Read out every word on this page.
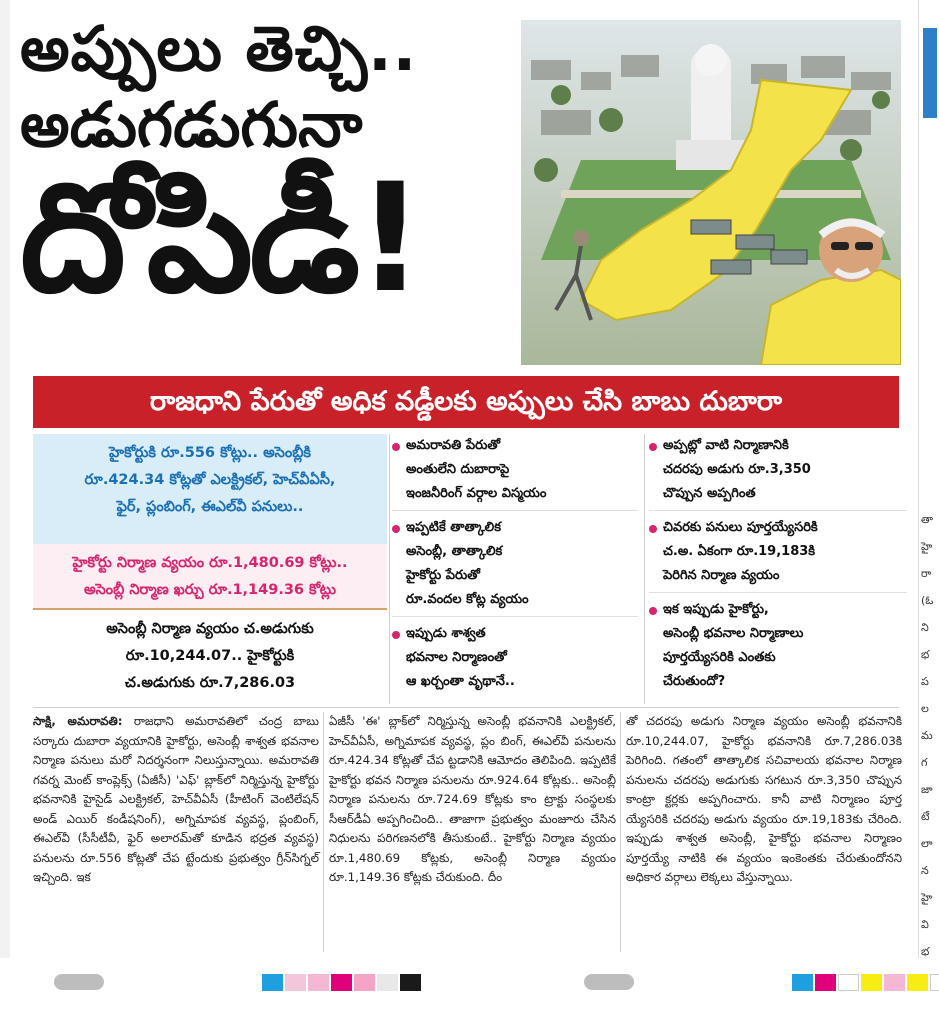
అప్పులు తెచ్చి..
అడుగడుగునా
దోపిడీ!
తా
హై
రా
(ఓ
ని
భ
ప
ల
మ
గ
జా
టే
లా
న
హై
వి
భ
రాజధాని పేరుతో అధిక వడ్డీలకు అప్పులు చేసి బాబు దుబారా
హైకోర్టుకి రూ.556 కోట్లు.. అసెంబ్లీకి
రూ.424.34 కోట్లతో ఎలక్ట్రికల్, హెచ్‌వీఏసీ,
ఫైర్, ప్లంబింగ్, ఈఎల్‌వీ పనులు..
హైకోర్టు నిర్మాణ వ్యయం రూ.1,480.69 కోట్లు..
అసెంబ్లీ నిర్మాణ ఖర్చు రూ.1,149.36 కోట్లు
అసెంబ్లీ నిర్మాణ వ్యయం చ.అడుగుకు
రూ.10,244.07.. హైకోర్టుకి
చ.అడుగుకు రూ.7,286.03
అమరావతి పేరుతో
అంతులేని దుబారాపై
ఇంజనీరింగ్ వర్గాల విస్మయం
ఇప్పటికే తాత్కాలిక
అసెంబ్లీ, తాత్కాలిక
హైకోర్టు పేరుతో
రూ.వందల కోట్ల వ్యయం
ఇప్పుడు శాశ్వత
భవనాల నిర్మాణంతో
ఆ ఖర్చంతా వృథానే..
అప్పట్లో వాటి నిర్మాణానికి
చదరపు అడుగు రూ.3,350
చొప్పున అప్పగింత
చివరకు పనులు పూర్తయ్యేసరికి
చ.అ. ఏకంగా రూ.19,183కి
పెరిగిన నిర్మాణ వ్యయం
ఇక ఇప్పుడు హైకోర్టు,
అసెంబ్లీ భవనాల నిర్మాణాలు
పూర్తయ్యేసరికి ఎంతకు
చేరుతుందో?

సాక్షి, అమరావతి: రాజధాని అమరావతిలో చంద్ర బాబు సర్కారు దుబారా వ్యయానికి హైకోర్టు, అసెంబ్లీ శాశ్వత భవనాల నిర్మాణ పనులు మరో నిదర్శనంగా నిలుస్తున్నాయి. అమరావతి గవర్న మెంట్ కాంప్లెక్స్ (ఏజీసీ) 'ఎఫ్' బ్లాక్‌లో నిర్మిస్తున్న హైకోర్టు భవనానికి హైసైడ్ ఎలక్ట్రికల్, హెచ్‌వీఏసీ (హీటింగ్ వెంటిలేషన్ అండ్ ఎయిర్ కండీషనింగ్), అగ్నిమాపక వ్యవస్థ, ప్లంబింగ్, ఈఎల్‌వీ (సీసీటీవీ, ఫైర్ అలారమ్‌తో కూడిన భద్రత వ్యవస్థ) పనులను రూ.556 కోట్లతో చేప ట్టేందుకు ప్రభుత్వం గ్రీన్‌సిగ్నల్ ఇచ్చింది. ఇక

ఏజీసీ 'ఈ' బ్లాక్‌లో నిర్మిస్తున్న అసెంబ్లీ భవనానికి ఎలక్ట్రికల్, హెచ్‌వీఏసీ, అగ్నిమాపక వ్యవస్థ, ప్లం బింగ్, ఈఎల్‌వీ పనులను రూ.424.34 కోట్లతో చేప ట్టడానికి ఆమోదం తెలిపింది. ఇప్పటికే హైకోర్టు భవన నిర్మాణ పనులను రూ.924.64 కోట్లకు.. అసెంబ్లీ నిర్మాణ పనులను రూ.724.69 కోట్లకు కాం ట్రాక్టు సంస్థలకు సీఆర్‌డీఏ అప్పగించింది.. తాజాగా ప్రభుత్వం మంజూరు చేసిన నిధులను పరిగణనలోకి తీసుకుంటే.. హైకోర్టు నిర్మాణ వ్యయం రూ.1,480.69 కోట్లకు, అసెంబ్లీ నిర్మాణ వ్యయం రూ.1,149.36 కోట్లకు చేరుకుంది. దీం

తో చదరపు అడుగు నిర్మాణ వ్యయం అసెంబ్లీ భవనానికి రూ.10,244.07, హైకోర్టు భవనానికి రూ.7,286.03కి పెరిగింది. గతంలో తాత్కాలిక సచివాలయ భవనాల నిర్మాణ పనులను చదరపు అడుగుకు సగటున రూ.3,350 చొప్పున కాంట్రా క్టర్లకు అప్పగించారు. కానీ వాటి నిర్మాణం పూర్త య్యేసరికి చదరపు అడుగు వ్యయం రూ.19,183కు చేరింది. ఇప్పుడు శాశ్వత అసెంబ్లీ, హైకోర్టు భవనాల నిర్మాణం పూర్తయ్యే నాటికి ఈ వ్యయం ఇంకెంతకు చేరుతుందోనని అధికార వర్గాలు లెక్కలు వేస్తున్నాయి.
